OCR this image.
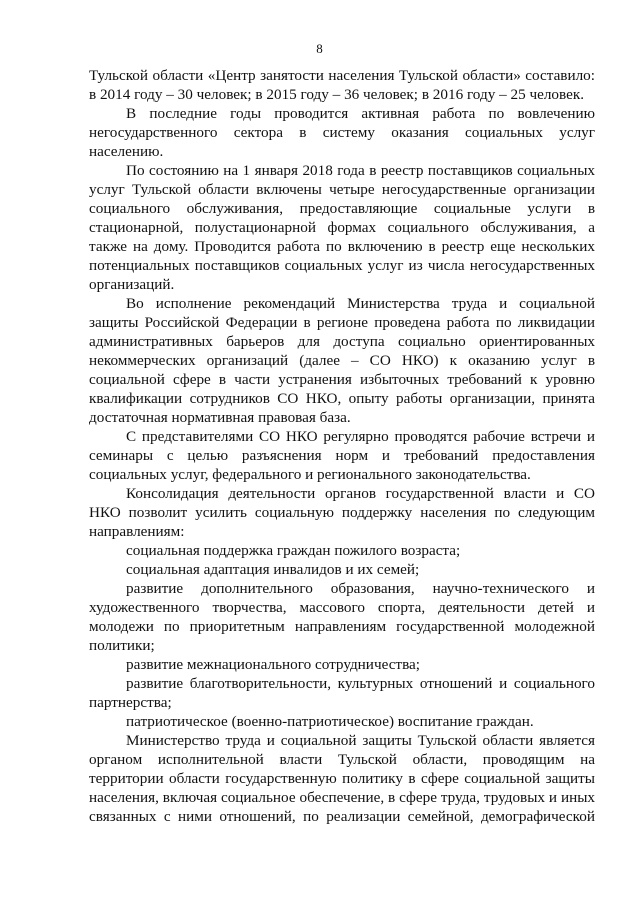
8
Тульской области «Центр занятости населения Тульской области» составило:
в 2014 году – 30 человек; в 2015 году – 36 человек; в 2016 году – 25 человек.
В последние годы проводится активная работа по вовлечению
негосударственного сектора в систему оказания социальных услуг
населению.
По состоянию на 1 января 2018 года в реестр поставщиков социальных
услуг Тульской области включены четыре негосударственные организации
социального обслуживания, предоставляющие социальные услуги в
стационарной, полустационарной формах социального обслуживания, а
также на дому. Проводится работа по включению в реестр еще нескольких
потенциальных поставщиков социальных услуг из числа негосударственных
организаций.
Во исполнение рекомендаций Министерства труда и социальной
защиты Российской Федерации в регионе проведена работа по ликвидации
административных барьеров для доступа социально ориентированных
некоммерческих организаций (далее – СО НКО) к оказанию услуг в
социальной сфере в части устранения избыточных требований к уровню
квалификации сотрудников СО НКО, опыту работы организации, принята
достаточная нормативная правовая база.
С представителями СО НКО регулярно проводятся рабочие встречи и
семинары с целью разъяснения норм и требований предоставления
социальных услуг, федерального и регионального законодательства.
Консолидация деятельности органов государственной власти и СО
НКО позволит усилить социальную поддержку населения по следующим
направлениям:
социальная поддержка граждан пожилого возраста;
социальная адаптация инвалидов и их семей;
развитие дополнительного образования, научно-технического и
художественного творчества, массового спорта, деятельности детей и
молодежи по приоритетным направлениям государственной молодежной
политики;
развитие межнационального сотрудничества;
развитие благотворительности, культурных отношений и социального
партнерства;
патриотическое (военно-патриотическое) воспитание граждан.
Министерство труда и социальной защиты Тульской области является
органом исполнительной власти Тульской области, проводящим на
территории области государственную политику в сфере социальной защиты
населения, включая социальное обеспечение, в сфере труда, трудовых и иных
связанных с ними отношений, по реализации семейной, демографической
